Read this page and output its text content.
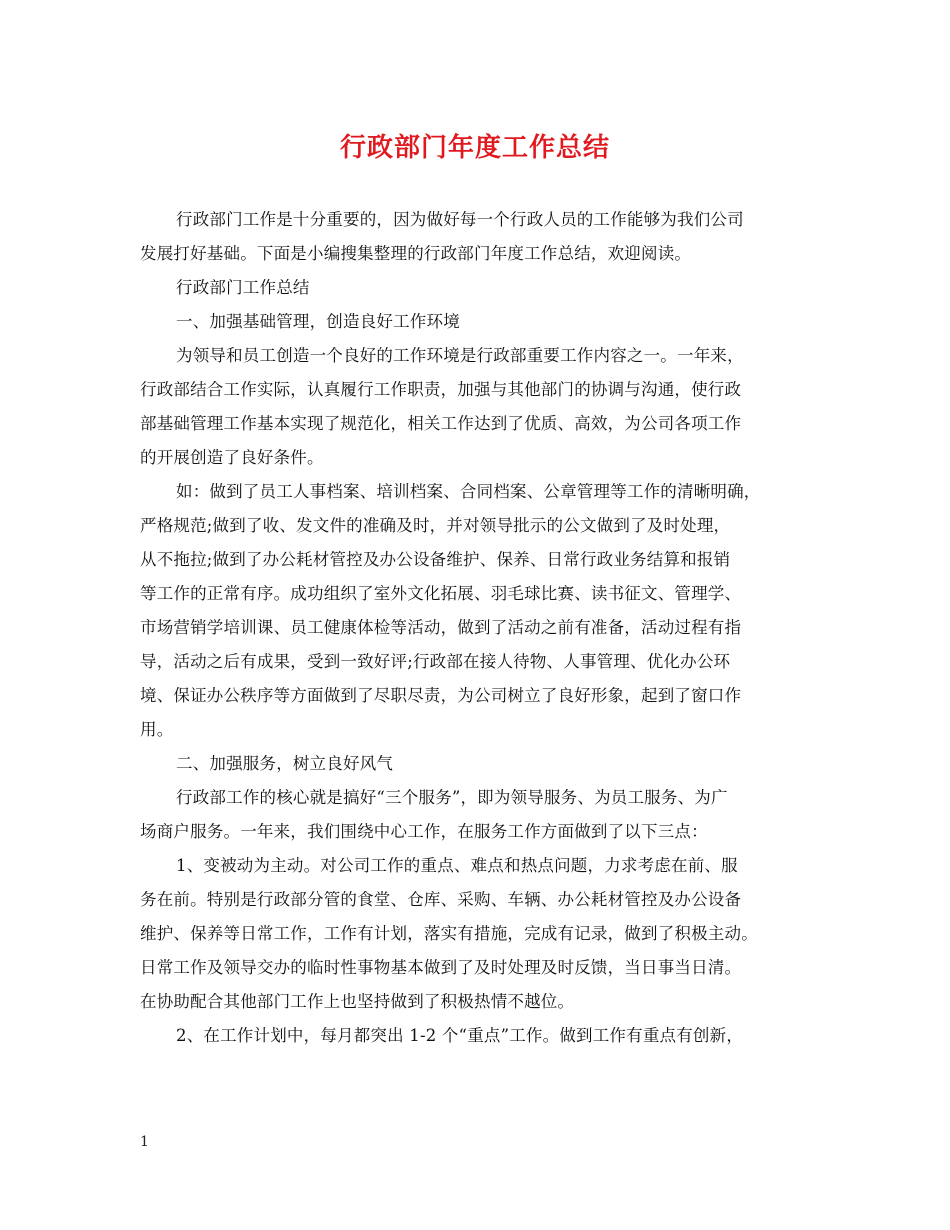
行政部门年度工作总结
行政部门工作是十分重要的，因为做好每一个行政人员的工作能够为我们公司
发展打好基础。下面是小编搜集整理的行政部门年度工作总结，欢迎阅读。
行政部门工作总结
一、加强基础管理，创造良好工作环境
为领导和员工创造一个良好的工作环境是行政部重要工作内容之一。一年来，
行政部结合工作实际，认真履行工作职责，加强与其他部门的协调与沟通，使行政
部基础管理工作基本实现了规范化，相关工作达到了优质、高效，为公司各项工作
的开展创造了良好条件。
如：做到了员工人事档案、培训档案、合同档案、公章管理等工作的清晰明确，
严格规范;做到了收、发文件的准确及时，并对领导批示的公文做到了及时处理，
从不拖拉;做到了办公耗材管控及办公设备维护、保养、日常行政业务结算和报销
等工作的正常有序。成功组织了室外文化拓展、羽毛球比赛、读书征文、管理学、
市场营销学培训课、员工健康体检等活动，做到了活动之前有准备，活动过程有指
导，活动之后有成果，受到一致好评;行政部在接人待物、人事管理、优化办公环
境、保证办公秩序等方面做到了尽职尽责，为公司树立了良好形象，起到了窗口作
用。
二、加强服务，树立良好风气
行政部工作的核心就是搞好“三个服务”，即为领导服务、为员工服务、为广
场商户服务。一年来，我们围绕中心工作，在服务工作方面做到了以下三点：
1、变被动为主动。对公司工作的重点、难点和热点问题，力求考虑在前、服
务在前。特别是行政部分管的食堂、仓库、采购、车辆、办公耗材管控及办公设备
维护、保养等日常工作，工作有计划，落实有措施，完成有记录，做到了积极主动。
日常工作及领导交办的临时性事物基本做到了及时处理及时反馈，当日事当日清。
在协助配合其他部门工作上也坚持做到了积极热情不越位。
2、在工作计划中，每月都突出 1-2 个“重点”工作。做到工作有重点有创新，
1
